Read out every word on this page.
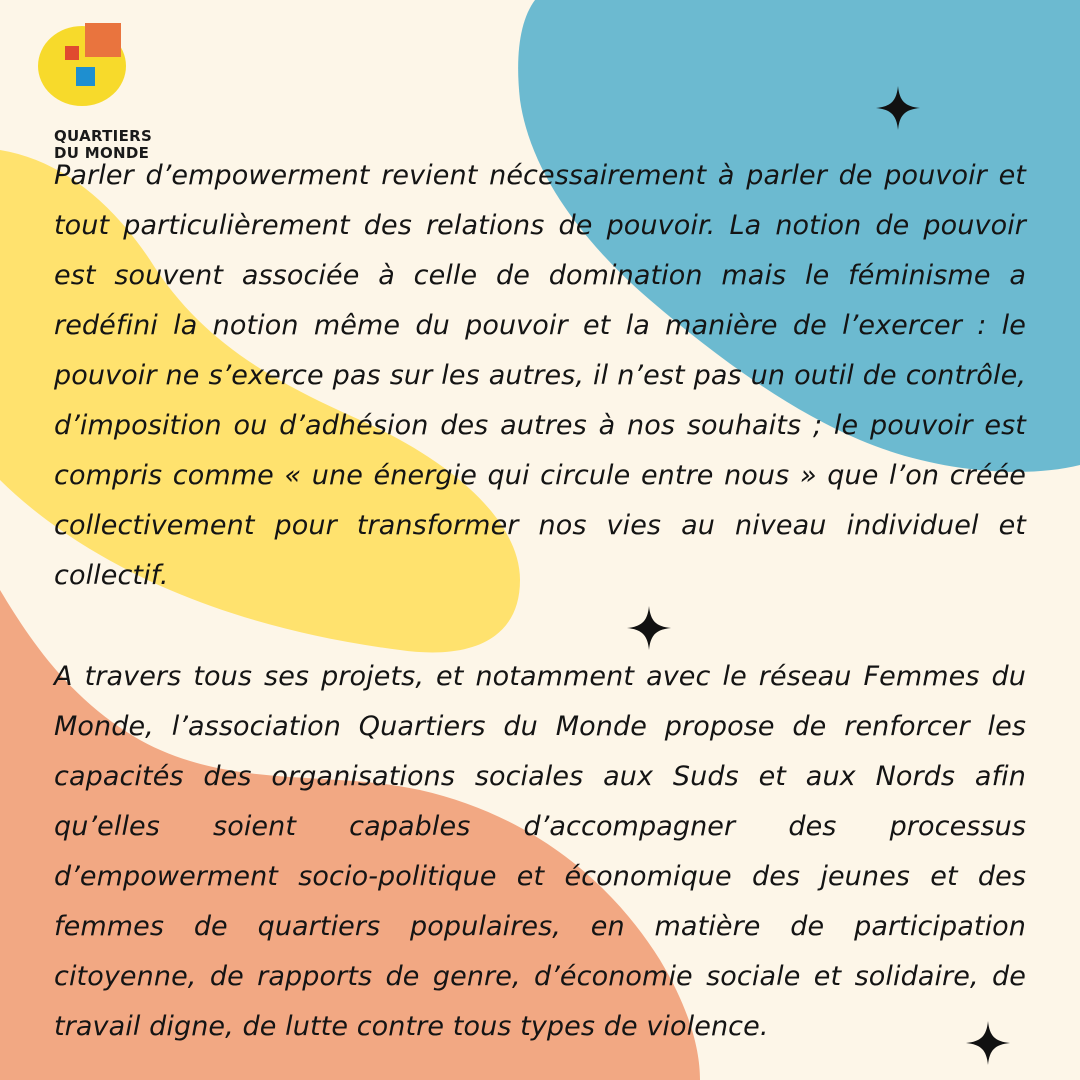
QUARTIERS
DU MONDE

Parler d’empowerment revient nécessairement à parler de pouvoir et tout particulièrement des relations de pouvoir. La notion de pouvoir est souvent associée à celle de domination mais le féminisme a redéfini la notion même du pouvoir et la manière de l’exercer : le pouvoir ne s’exerce pas sur les autres, il n’est pas un outil de contrôle, d’imposition ou d’adhésion des autres à nos souhaits ; le pouvoir est compris comme « une énergie qui circule entre nous » que l’on créée collectivement pour transformer nos vies au niveau individuel et collectif.

A travers tous ses projets, et notamment avec le réseau Femmes du Monde, l’association Quartiers du Monde propose de renforcer les capacités des organisations sociales aux Suds et aux Nords afin qu’elles soient capables d’accompagner des processus d’empowerment socio-politique et économique des jeunes et des femmes de quartiers populaires, en matière de participation citoyenne, de rapports de genre, d’économie sociale et solidaire, de travail digne, de lutte contre tous types de violence.
